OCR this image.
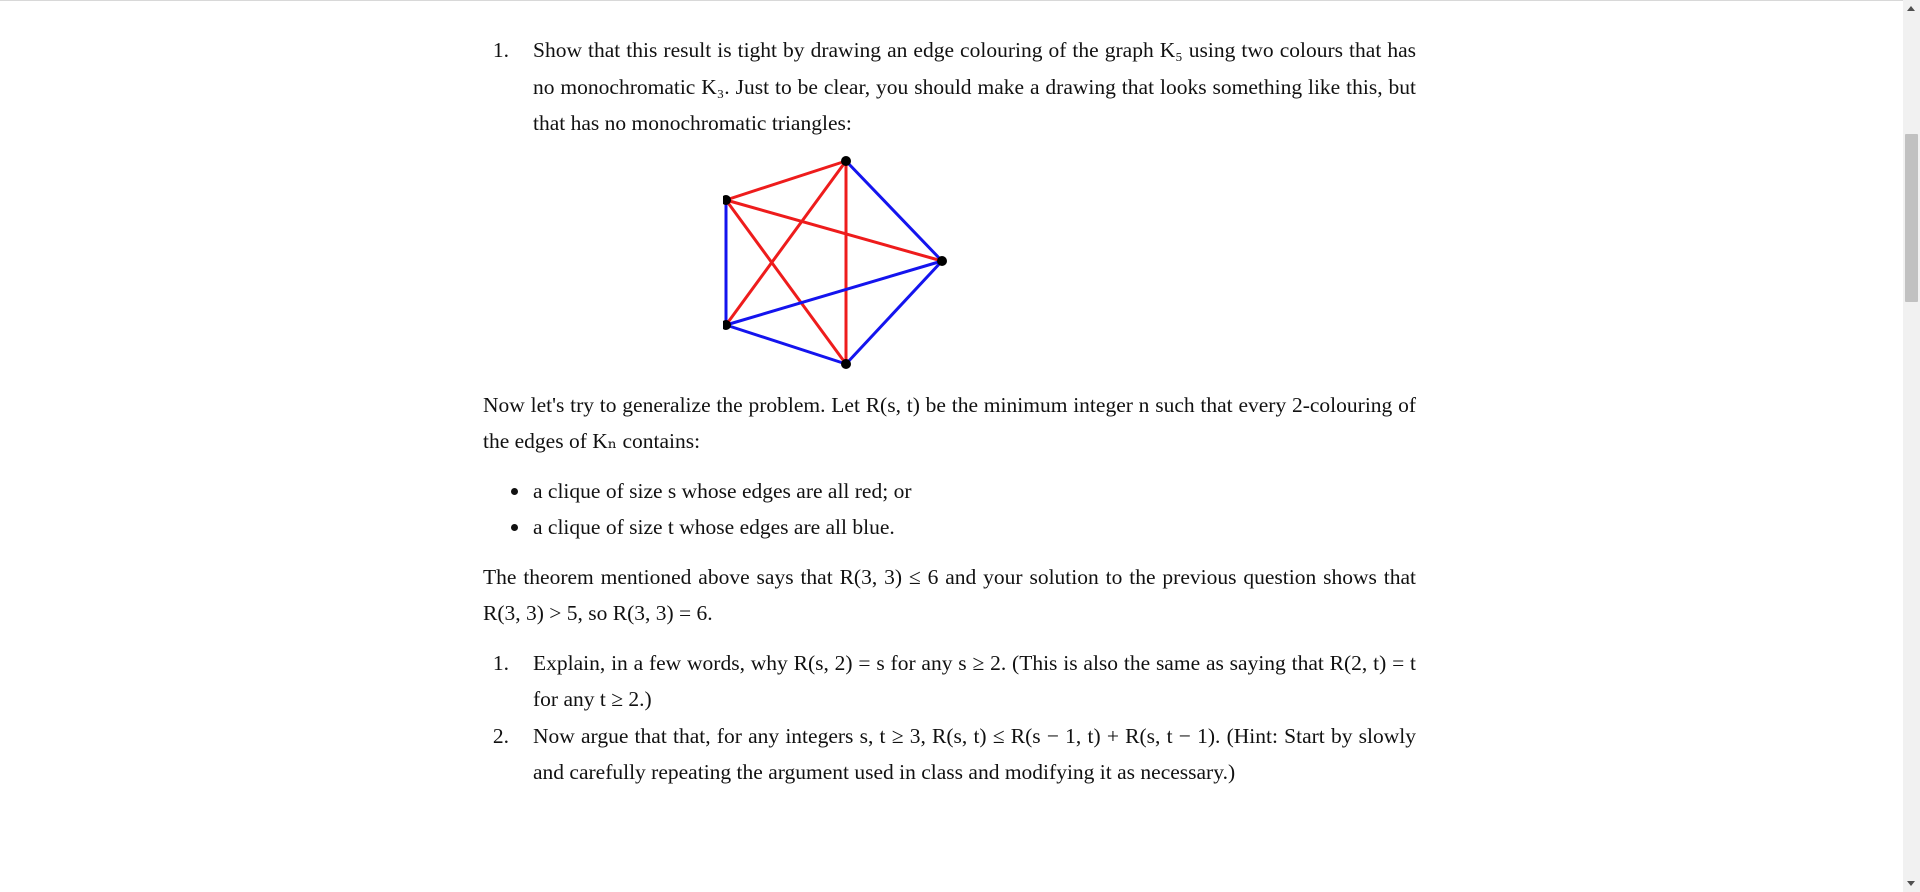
1. Show that this result is tight by drawing an edge colouring of the graph K₅ using two colours that has no monochromatic K₃. Just to be clear, you should make a drawing that looks something like this, but that has no monochromatic triangles:

Now let's try to generalize the problem. Let R(s, t) be the minimum integer n such that every 2-colouring of the edges of Kₙ contains:

a clique of size s whose edges are all red; or
a clique of size t whose edges are all blue.

The theorem mentioned above says that R(3, 3) ≤ 6 and your solution to the previous question shows that R(3, 3) > 5, so R(3, 3) = 6.

1. Explain, in a few words, why R(s, 2) = s for any s ≥ 2. (This is also the same as saying that R(2, t) = t for any t ≥ 2.)
2. Now argue that that, for any integers s, t ≥ 3, R(s, t) ≤ R(s − 1, t) + R(s, t − 1). (Hint: Start by slowly and carefully repeating the argument used in class and modifying it as necessary.)
